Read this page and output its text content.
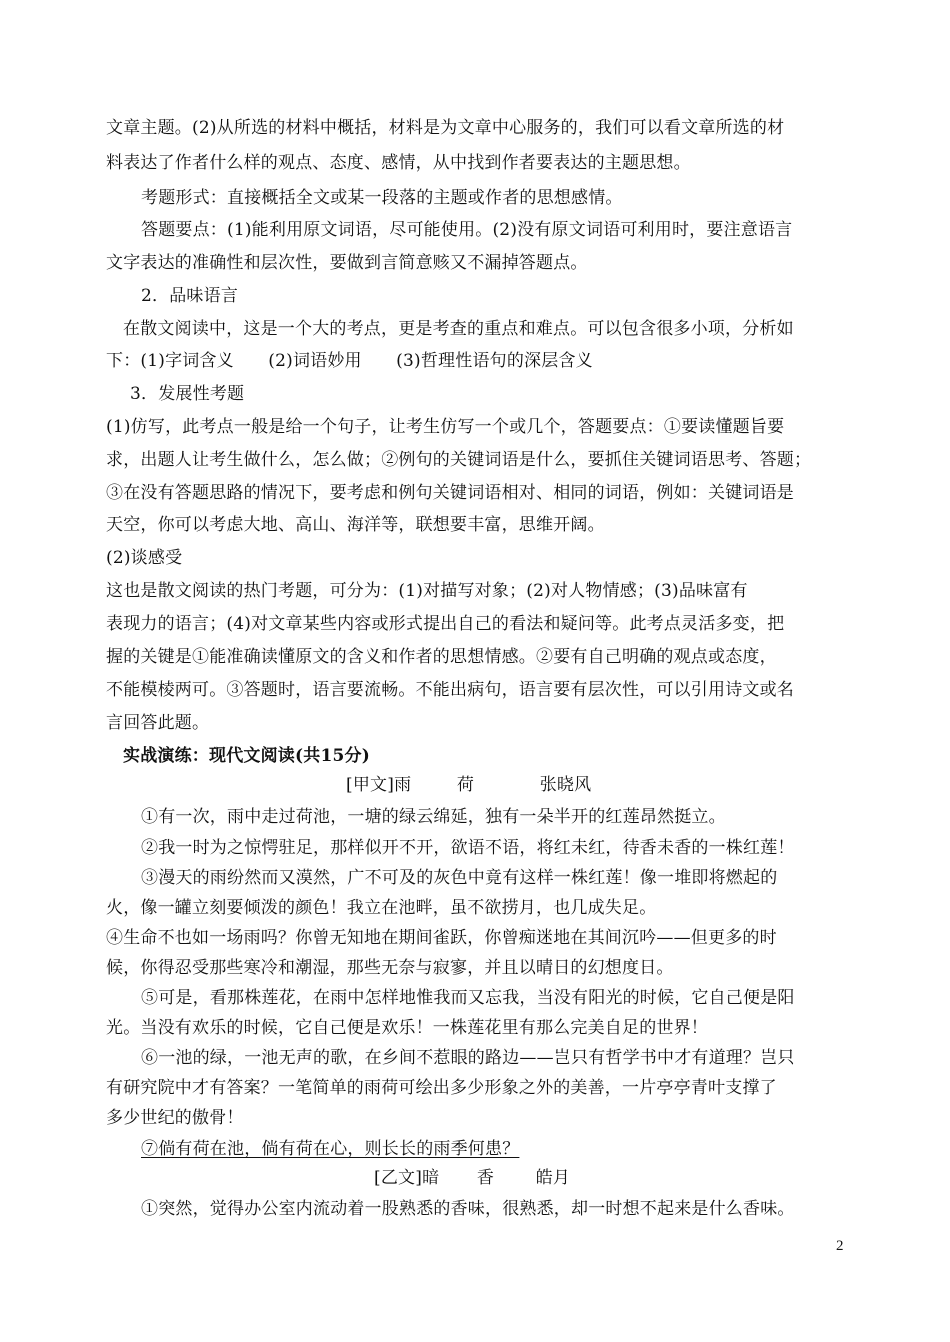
文章主题。(2)从所选的材料中概括，材料是为文章中心服务的，我们可以看文章所选的材
料表达了作者什么样的观点、态度、感情，从中找到作者要表达的主题思想。
考题形式：直接概括全文或某一段落的主题或作者的思想感情。
答题要点：(1)能利用原文词语，尽可能使用。(2)没有原文词语可利用时，要注意语言
文字表达的准确性和层次性，要做到言简意赅又不漏掉答题点。
2．品味语言
在散文阅读中，这是一个大的考点，更是考查的重点和难点。可以包含很多小项，分析如
下：(1)字词含义　　(2)词语妙用　　(3)哲理性语句的深层含义
3．发展性考题
(1)仿写，此考点一般是给一个句子，让考生仿写一个或几个，答题要点：①要读懂题旨要
求，出题人让考生做什么，怎么做；②例句的关键词语是什么，要抓住关键词语思考、答题；
③在没有答题思路的情况下，要考虑和例句关键词语相对、相同的词语，例如：关键词语是
天空，你可以考虑大地、高山、海洋等，联想要丰富，思维开阔。
(2)谈感受
这也是散文阅读的热门考题，可分为：(1)对描写对象；(2)对人物情感；(3)品味富有
表现力的语言；(4)对文章某些内容或形式提出自己的看法和疑问等。此考点灵活多变，把
握的关键是①能准确读懂原文的含义和作者的思想情感。②要有自己明确的观点或态度，
不能模棱两可。③答题时，语言要流畅。不能出病句，语言要有层次性，可以引用诗文或名
言回答此题。
实战演练：现代文阅读(共15分)
[甲文]雨	荷	张晓风
①有一次，雨中走过荷池，一塘的绿云绵延，独有一朵半开的红莲昂然挺立。
②我一时为之惊愕驻足，那样似开不开，欲语不语，将红未红，待香未香的一株红莲！
③漫天的雨纷然而又漠然，广不可及的灰色中竟有这样一株红莲！像一堆即将燃起的
火，像一罐立刻要倾泼的颜色！我立在池畔，虽不欲捞月，也几成失足。
④生命不也如一场雨吗？你曾无知地在期间雀跃，你曾痴迷地在其间沉吟——但更多的时
候，你得忍受那些寒冷和潮湿，那些无奈与寂寥，并且以晴日的幻想度日。
⑤可是，看那株莲花，在雨中怎样地惟我而又忘我，当没有阳光的时候，它自己便是阳
光。当没有欢乐的时候，它自己便是欢乐！一株莲花里有那么完美自足的世界！
⑥一池的绿，一池无声的歌，在乡间不惹眼的路边——岂只有哲学书中才有道理？岂只
有研究院中才有答案？一笔简单的雨荷可绘出多少形象之外的美善，一片亭亭青叶支撑了
多少世纪的傲骨！
⑦倘有荷在池，倘有荷在心，则长长的雨季何患？
[乙文]暗 香 皓月
①突然，觉得办公室内流动着一股熟悉的香味，很熟悉，却一时想不起来是什么香味。
2
